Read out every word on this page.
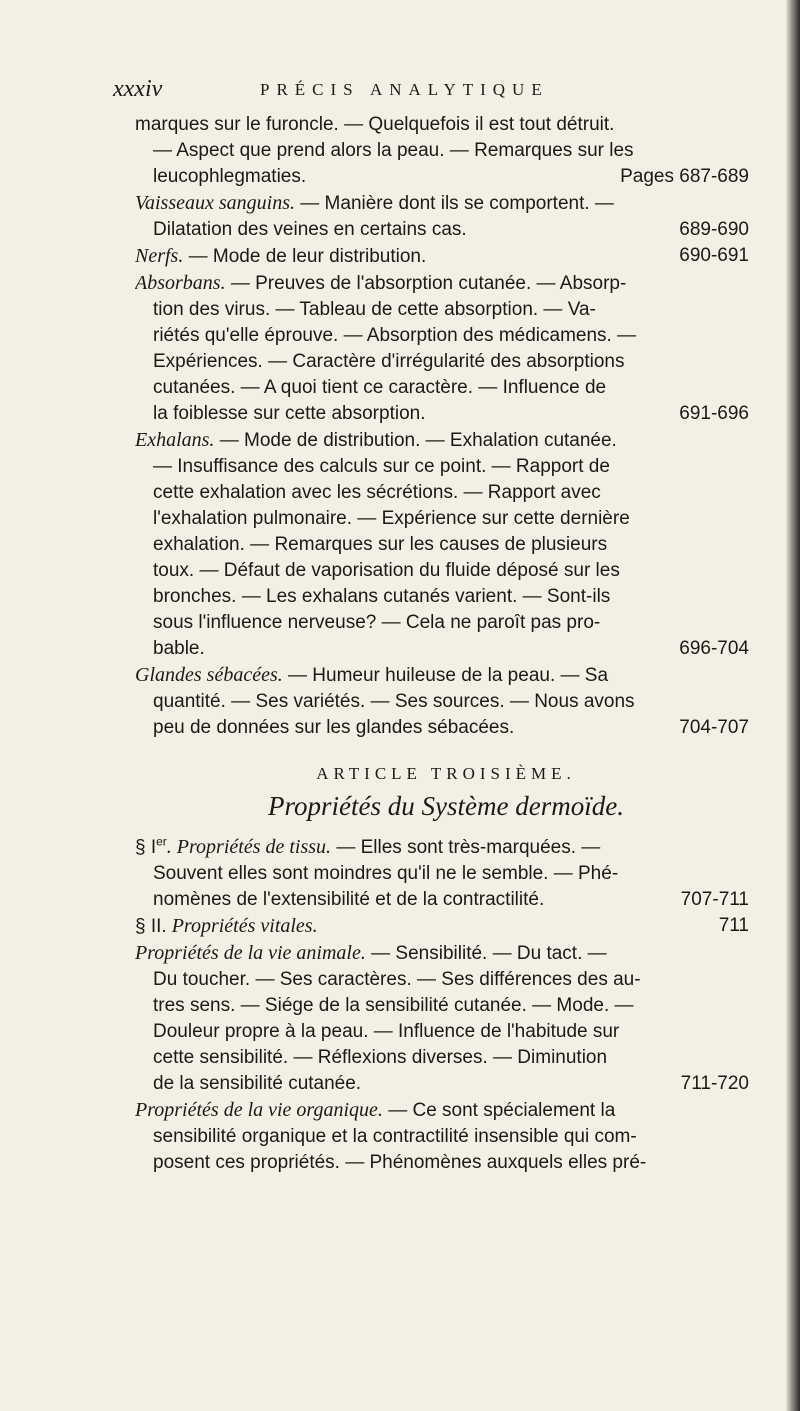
xxxiv	PRÉCIS ANALYTIQUE
marques sur le furoncle. — Quelquefois il est tout détruit.
— Aspect que prend alors la peau. — Remarques sur les
leucophlegmaties.	Pages 687-689
Vaisseaux sanguins. — Manière dont ils se comportent. —
Dilatation des veines en certains cas.	689-690
Nerfs. — Mode de leur distribution.	690-691
Absorbans. — Preuves de l'absorption cutanée. — Absorp-
tion des virus. — Tableau de cette absorption. — Va-
riétés qu'elle éprouve. — Absorption des médicamens. —
Expériences. — Caractère d'irrégularité des absorptions
cutanées. — A quoi tient ce caractère. — Influence de
la foiblesse sur cette absorption.	691-696
Exhalans. — Mode de distribution. — Exhalation cutanée.
— Insuffisance des calculs sur ce point. — Rapport de
cette exhalation avec les sécrétions. — Rapport avec
l'exhalation pulmonaire. — Expérience sur cette dernière
exhalation. — Remarques sur les causes de plusieurs
toux. — Défaut de vaporisation du fluide déposé sur les
bronches. — Les exhalans cutanés varient. — Sont-ils
sous l'influence nerveuse? — Cela ne paroît pas pro-
bable.	696-704
Glandes sébacées. — Humeur huileuse de la peau. — Sa
quantité. — Ses variétés. — Ses sources. — Nous avons
peu de données sur les glandes sébacées.	704-707
ARTICLE TROISIÈME.
Propriétés du Système dermoïde.
§ Ier. Propriétés de tissu. — Elles sont très-marquées. —
Souvent elles sont moindres qu'il ne le semble. — Phé-
nomènes de l'extensibilité et de la contractilité.	707-711
§ II. Propriétés vitales.	711
Propriétés de la vie animale. — Sensibilité. — Du tact. —
Du toucher. — Ses caractères. — Ses différences des au-
tres sens. — Siége de la sensibilité cutanée. — Mode. —
Douleur propre à la peau. — Influence de l'habitude sur
cette sensibilité. — Réflexions diverses. — Diminution
de la sensibilité cutanée.	711-720
Propriétés de la vie organique. — Ce sont spécialement la
sensibilité organique et la contractilité insensible qui com-
posent ces propriétés. — Phénomènes auxquels elles pré-
